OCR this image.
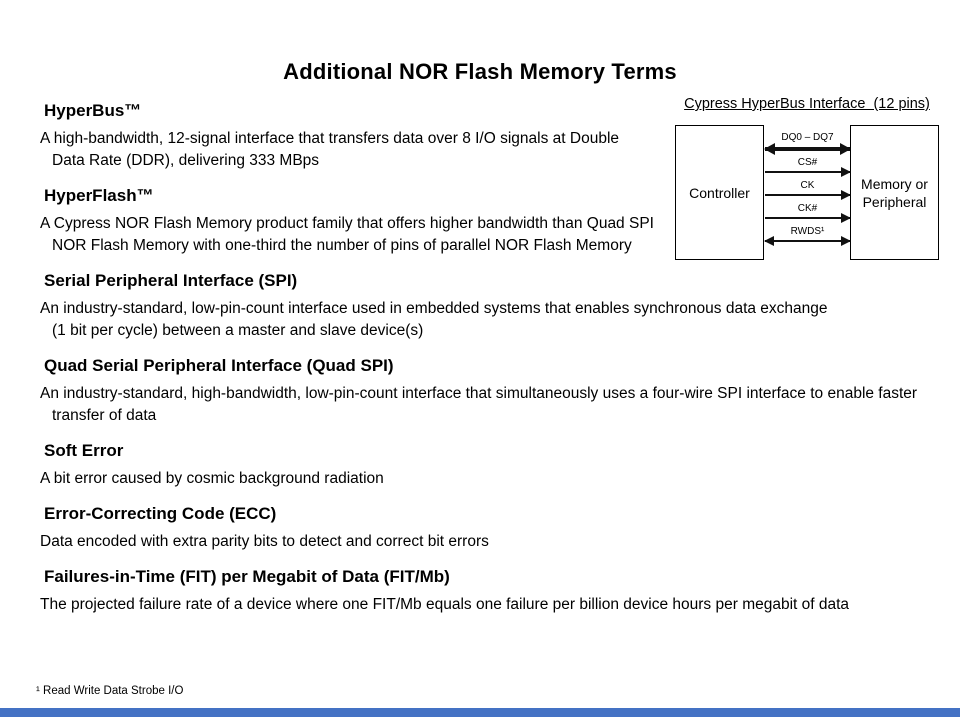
Additional NOR Flash Memory Terms
HyperBus™

A high-bandwidth, 12-signal interface that transfers data over 8 I/O signals at Double Data Rate (DDR), delivering 333 MBps

HyperFlash™

A Cypress NOR Flash Memory product family that offers higher bandwidth than Quad SPI NOR Flash Memory with one-third the number of pins of parallel NOR Flash Memory

Serial Peripheral Interface (SPI)

An industry-standard, low-pin-count interface used in embedded systems that enables synchronous data exchange (1 bit per cycle) between a master and slave device(s)

Quad Serial Peripheral Interface (Quad SPI)

An industry-standard, high-bandwidth, low-pin-count interface that simultaneously uses a four-wire SPI interface to enable faster transfer of data

Soft Error

A bit error caused by cosmic background radiation

Error-Correcting Code (ECC)

Data encoded with extra parity bits to detect and correct bit errors

Failures-in-Time (FIT) per Megabit of Data (FIT/Mb)

The projected failure rate of a device where one FIT/Mb equals one failure per billion device hours per megabit of data

Cypress HyperBus Interface  (12 pins)
Controller
Memory or Peripheral
DQ0 – DQ7
CS#
CK
CK#
RWDS¹
¹ Read Write Data Strobe I/O
